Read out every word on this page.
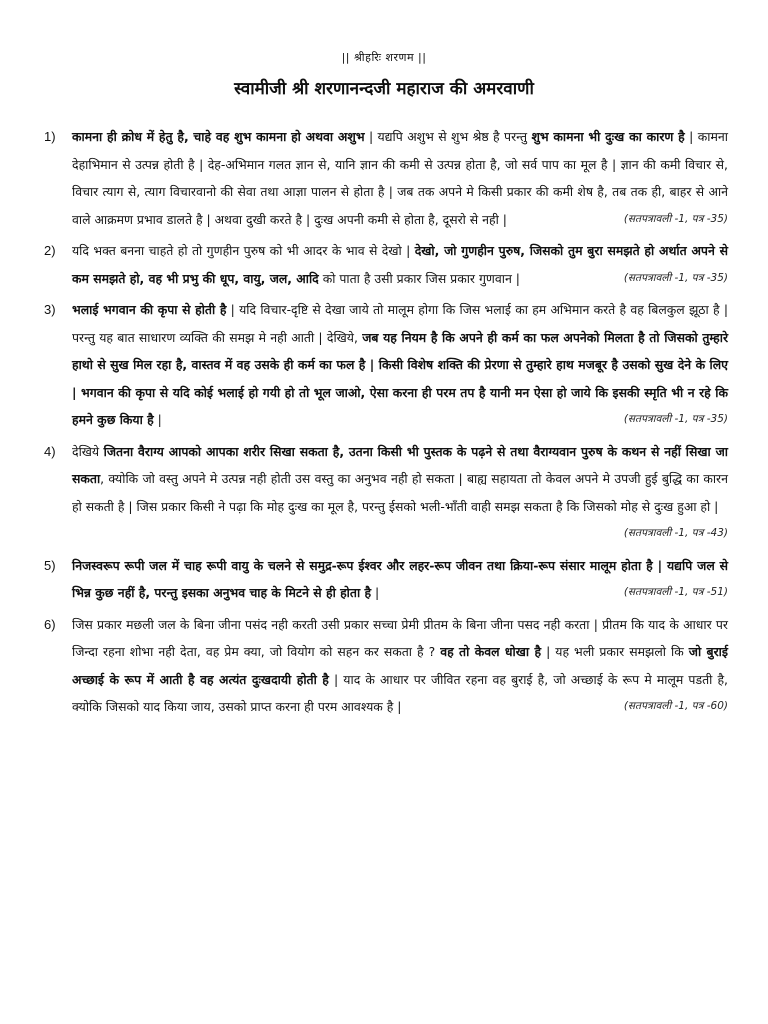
|| श्रीहरिः शरणम ||
स्वामीजी श्री शरणानन्दजी महाराज की अमरवाणी
1) कामना ही क्रोध में हेतु है, चाहे वह शुभ कामना हो अथवा अशुभ | यद्यपि अशुभ से शुभ श्रेष्ठ है परन्तु शुभ कामना भी दुःख का कारण है | कामना देहाभिमान से उत्पन्न होती है | देह-अभिमान गलत ज्ञान से, यानि ज्ञान की कमी से उत्पन्न होता है, जो सर्व पाप का मूल है | ज्ञान की कमी विचार से, विचार त्याग से, त्याग विचारवानो की सेवा तथा आज्ञा पालन से होता है | जब तक अपने मे किसी प्रकार की कमी शेष है, तब तक ही, बाहर से आने वाले आक्रमण प्रभाव डालते है | अथवा दुखी करते है | दुःख अपनी कमी से होता है, दूसरो से नही |	(सतपत्रावली -1, पत्र -35)
2) यदि भक्त बनना चाहते हो तो गुणहीन पुरुष को भी आदर के भाव से देखो | देखो, जो गुणहीन पुरुष, जिसको तुम बुरा समझते हो अर्थात अपने से कम समझते हो, वह भी प्रभु की धूप, वायु, जल, आदि को पाता है उसी प्रकार जिस प्रकार गुणवान |	(सतपत्रावली -1, पत्र -35)
3) भलाई भगवान की कृपा से होती है | यदि विचार-दृष्टि से देखा जाये तो मालूम होगा कि जिस भलाई का हम अभिमान करते है वह बिलकुल झूठा है | परन्तु यह बात साधारण व्यक्ति की समझ मे नही आती | देखिये, जब यह नियम है कि अपने ही कर्म का फल अपनेको मिलता है तो जिसको तुम्हारे हाथो से सुख मिल रहा है, वास्तव में वह उसके ही कर्म का फल है | किसी विशेष शक्ति की प्रेरणा से तुम्हारे हाथ मजबूर है उसको सुख देने के लिए | भगवान की कृपा से यदि कोई भलाई हो गयी हो तो भूल जाओ, ऐसा करना ही परम तप है यानी मन ऐसा हो जाये कि इसकी स्मृति भी न रहे कि हमने कुछ किया है |	(सतपत्रावली -1, पत्र -35)
4) देखिये जितना वैराग्य आपको आपका शरीर सिखा सकता है, उतना किसी भी पुस्तक के पढ़ने से तथा वैराग्यवान पुरुष के कथन से नहीं सिखा जा सकता, क्योकि जो वस्तु अपने मे उत्पन्न नही होती उस वस्तु का अनुभव नही हो सकता | बाह्य सहायता तो केवल अपने मे उपजी हुई बुद्धि का कारन हो सकती है | जिस प्रकार किसी ने पढ़ा कि मोह दुःख का मूल है, परन्तु ईसको भली-भाँती वाही समझ सकता है कि जिसको मोह से दुःख हुआ हो |
(सतपत्रावली -1, पत्र -43)
5) निजस्वरूप रूपी जल में चाह रूपी वायु के चलने से समुद्र-रूप ईश्वर और लहर-रूप जीवन तथा क्रिया-रूप संसार मालूम होता है | यद्यपि जल से भिन्न कुछ नहीं है, परन्तु इसका अनुभव चाह के मिटने से ही होता है |	(सतपत्रावली -1, पत्र -51)
6) जिस प्रकार मछली जल के बिना जीना पसंद नही करती उसी प्रकार सच्चा प्रेमी प्रीतम के बिना जीना पसद नही करता | प्रीतम कि याद के आधार पर जिन्दा रहना शोभा नही देता, वह प्रेम क्या, जो वियोग को सहन कर सकता है ? वह तो केवल धोखा है | यह भली प्रकार समझलो कि जो बुराई अच्छाई के रूप में आती है वह अत्यंत दुःखदायी होती है | याद के आधार पर जीवित रहना वह बुराई है, जो अच्छाई के रूप मे मालूम पडती है, क्योकि जिसको याद किया जाय, उसको प्राप्त करना ही परम आवश्यक है |	(सतपत्रावली -1, पत्र -60)
